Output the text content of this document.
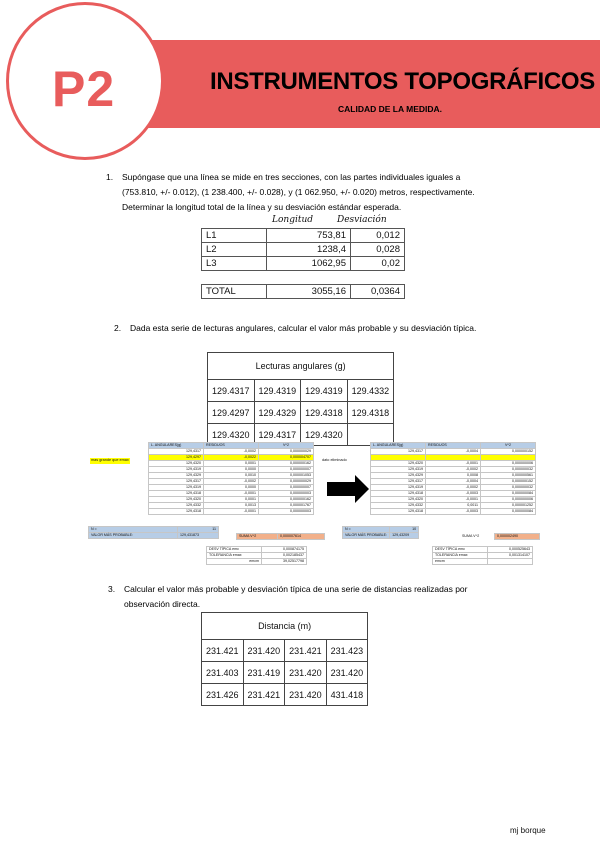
P2	INSTRUMENTOS TOPOGRÁFICOS
CALIDAD DE LA MEDIDA.
1. Supóngase que una línea se mide en tres secciones, con las partes individuales iguales a
(753.810, +/- 0.012), (1 238.400, +/- 0.028), y (1 062.950, +/- 0.020) metros, respectivamente.
Determinar la longitud total de la línea y su desviación estándar esperada.
Longitud	Desviación
L1	753,81	0,012
L2	1238,4	0,028
L3	1062,95	0,02

TOTAL	3055,16	0,0364
2. Dada esta serie de lecturas angulares, calcular el valor más probable y su desviación típica.
Lecturas angulares (g)			
129.4317	129.4319	129.4319	129.4332
129.4297	129.4329	129.4318	129.4318
129.4320	129.4317	129.4320	
mas grande que emax
L. ANGULARES(g)	RESIDUOS	V^2
129,4317	-0,0002	0,000000029
129,4297	-0,0022	0,000004707
129,4320	0,0001	0,000000162
129,4319	0,0000	0,000000007
129,4329	0,0010	0,000001053
129,4317	-0,0002	0,000000029
129,4319	0,0000	0,000000007
129,4318	-0,0001	0,000000003
129,4320	0,0001	0,000000162
129,4332	0,0013	0,000001767
129,4318	-0,0001	0,000000003
N =	11
VALOR MÁS PROBABLE:	129,431873	SUMA V^2	0,000007614
DESV TÍPICA emc	0,000874175
TOLERANCIA emax	0,002185437
emcm	39,02517798
dato eliminado
L. ANGULARES(g)	RESIDUOS	V^2
129,4317	-0,0004	0,000000152

129,4320	-0,0001	0,000000006
129,4319	-0,0002	0,000000032
129,4329	0,0008	0,000000561
129,4317	-0,0004	0,000000152
129,4319	-0,0002	0,000000032
129,4318	-0,0003	0,000000084
129,4320	-0,0001	0,000000006
129,4332	0,0011	0,000001252
129,4318	-0,0003	0,000000084
N =	10
VALOR MÁS PROBABLE:	129,43209	SUMA V^2	0,000002490
DESV TÍPICA emc	0,000525643
TOLERANCIA emax	0,001314107
emcm	
3. Calcular el valor más probable y desviación típica de una serie de distancias realizadas por
observación directa.
Distancia (m)			
231.421	231.420	231.421	231.423
231.403	231.419	231.420	231.420
231.426	231.421	231.420	431.418
mj borque
